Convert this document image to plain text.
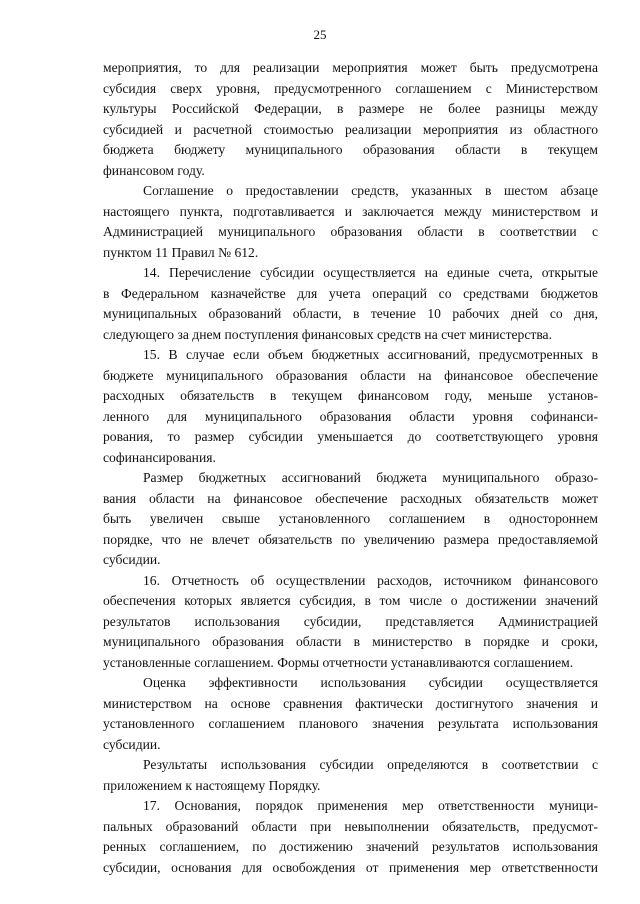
25
мероприятия, то для реализации мероприятия может быть предусмотрена
субсидия сверх уровня, предусмотренного соглашением с Министерством
культуры Российской Федерации, в размере не более разницы между
субсидией и расчетной стоимостью реализации мероприятия из областного
бюджета бюджету муниципального образования области в текущем
финансовом году.
Соглашение о предоставлении средств, указанных в шестом абзаце
настоящего пункта, подготавливается и заключается между министерством и
Администрацией муниципального образования области в соответствии с
пунктом 11 Правил № 612.
14. Перечисление субсидии осуществляется на единые счета, открытые
в Федеральном казначействе для учета операций со средствами бюджетов
муниципальных образований области, в течение 10 рабочих дней со дня,
следующего за днем поступления финансовых средств на счет министерства.
15. В случае если объем бюджетных ассигнований, предусмотренных в
бюджете муниципального образования области на финансовое обеспечение
расходных обязательств в текущем финансовом году, меньше установ-
ленного для муниципального образования области уровня софинанси-
рования, то размер субсидии уменьшается до соответствующего уровня
софинансирования.
Размер бюджетных ассигнований бюджета муниципального образо-
вания области на финансовое обеспечение расходных обязательств может
быть увеличен свыше установленного соглашением в одностороннем
порядке, что не влечет обязательств по увеличению размера предоставляемой
субсидии.
16. Отчетность об осуществлении расходов, источником финансового
обеспечения которых является субсидия, в том числе о достижении значений
результатов использования субсидии, представляется Администрацией
муниципального образования области в министерство в порядке и сроки,
установленные соглашением. Формы отчетности устанавливаются соглашением.
Оценка эффективности использования субсидии осуществляется
министерством на основе сравнения фактически достигнутого значения и
установленного соглашением планового значения результата использования
субсидии.
Результаты использования субсидии определяются в соответствии с
приложением к настоящему Порядку.
17. Основания, порядок применения мер ответственности муници-
пальных образований области при невыполнении обязательств, предусмот-
ренных соглашением, по достижению значений результатов использования
субсидии, основания для освобождения от применения мер ответственности
